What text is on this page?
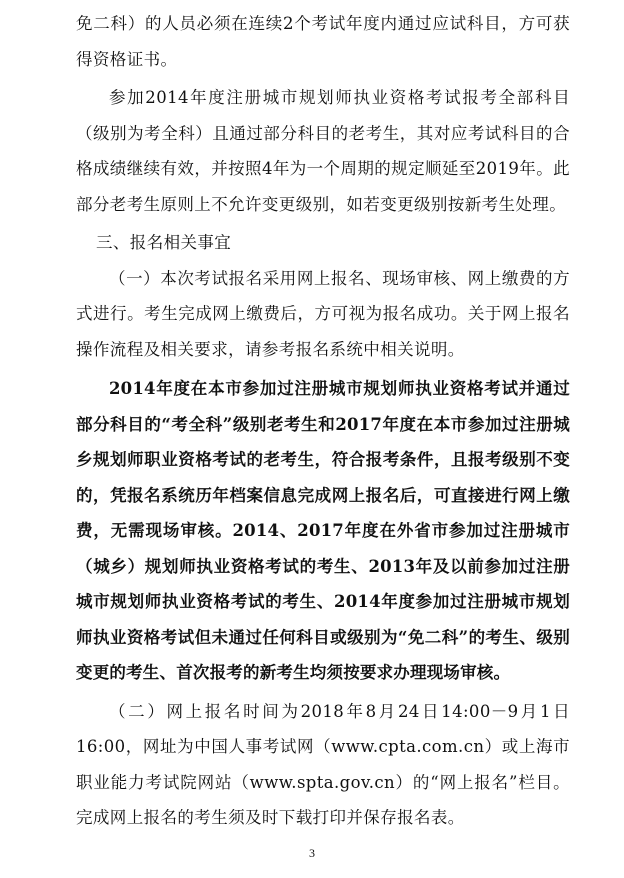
免二科）的人员必须在连续2个考试年度内通过应试科目，方可获得资格证书。

参加2014年度注册城市规划师执业资格考试报考全部科目（级别为考全科）且通过部分科目的老考生，其对应考试科目的合格成绩继续有效，并按照4年为一个周期的规定顺延至2019年。此部分老考生原则上不允许变更级别，如若变更级别按新考生处理。

三、报名相关事宜

（一）本次考试报名采用网上报名、现场审核、网上缴费的方式进行。考生完成网上缴费后，方可视为报名成功。关于网上报名操作流程及相关要求，请参考报名系统中相关说明。

2014年度在本市参加过注册城市规划师执业资格考试并通过部分科目的“考全科”级别老考生和2017年度在本市参加过注册城乡规划师职业资格考试的老考生，符合报考条件，且报考级别不变的，凭报名系统历年档案信息完成网上报名后，可直接进行网上缴费，无需现场审核。2014、2017年度在外省市参加过注册城市（城乡）规划师执业资格考试的考生、2013年及以前参加过注册城市规划师执业资格考试的考生、2014年度参加过注册城市规划师执业资格考试但未通过任何科目或级别为“免二科”的考生、级别变更的考生、首次报考的新考生均须按要求办理现场审核。

（二）网上报名时间为2018年8月24日14:00－9月1日16:00，网址为中国人事考试网（www.cpta.com.cn）或上海市职业能力考试院网站（www.spta.gov.cn）的“网上报名”栏目。完成网上报名的考生须及时下载打印并保存报名表。

3
